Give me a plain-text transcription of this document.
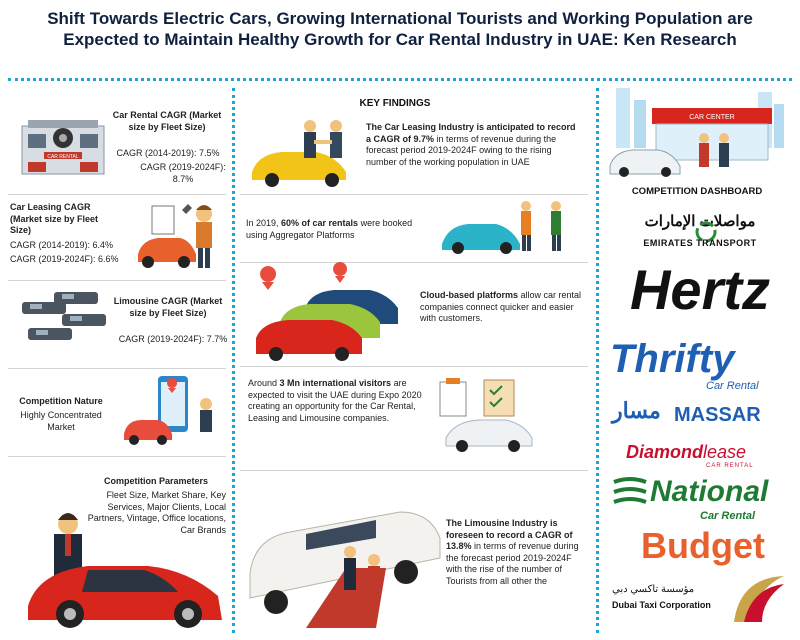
Shift Towards Electric Cars, Growing International Tourists and Working Population are Expected to Maintain Healthy Growth for Car Rental Industry in UAE: Ken Research
CAR RENTAL
Car Rental CAGR (Market size by Fleet Size)
CAGR (2014-2019): 7.5%
CAGR (2019-2024F): 8.7%
Car Leasing CAGR (Market size by Fleet Size)
CAGR (2014-2019): 6.4%
CAGR (2019-2024F): 6.6%
Limousine CAGR (Market size by Fleet Size)
CAGR (2019-2024F): 7.7%
Competition Nature
Highly Concentrated Market
Competition Parameters
Fleet Size, Market Share, Key Services, Major Clients, Local Partners, Vintage, Office locations, Car Brands
KEY FINDINGS
The Car Leasing Industry is anticipated to record a CAGR of 9.7% in terms of revenue during the forecast period 2019-2024F owing to the rising number of the working population in UAE
In 2019, 60% of car rentals were booked using Aggregator Platforms
Cloud-based platforms allow car rental companies connect quicker and easier with customers.
Around 3 Mn international visitors are expected to visit the UAE during Expo 2020 creating an opportunity for the Car Rental, Leasing and Limousine companies.
The Limousine Industry is foreseen to record a CAGR of 13.8% in terms of revenue during the forecast period 2019-2024F with the rise of the number of Tourists from all other the
CAR CENTER
COMPETITION DASHBOARD
مواصلات الإمارات
EMIRATES TRANSPORT
Hertz
Thrifty
Car Rental
مسار MASSAR
Diamondlease
CAR RENTAL
National
Car Rental
Budget
مؤسسة تاكسي دبي
Dubai Taxi Corporation
